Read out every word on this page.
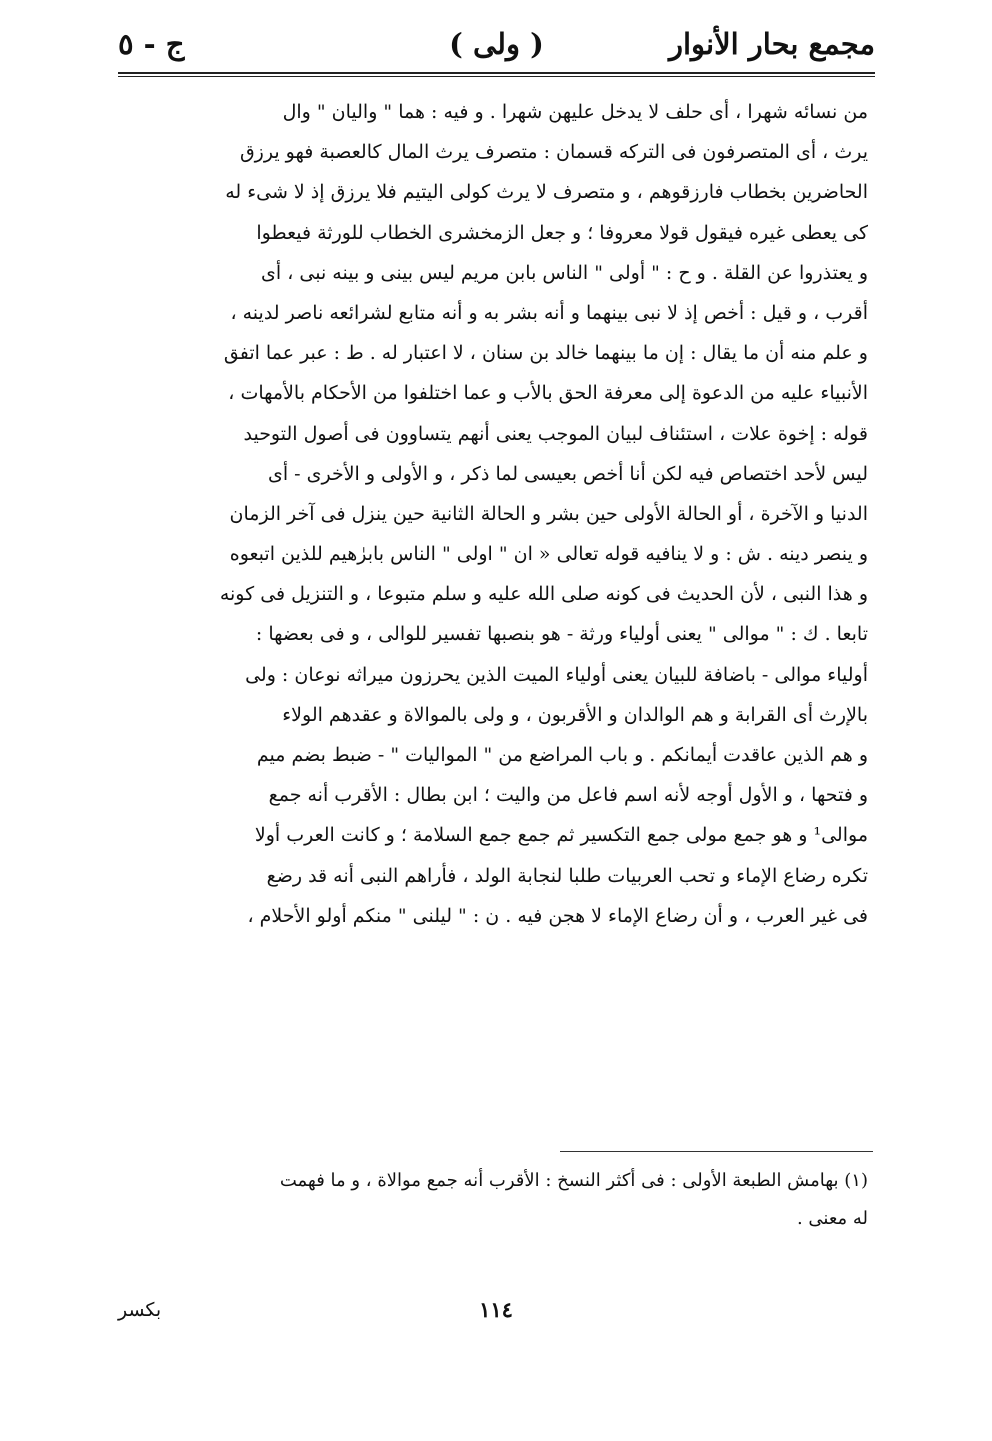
مجمع بحار الأنوار
( ولى )
ج - ٥
من نسائه شهرا ، أى حلف لا يدخل عليهن شهرا . و فيه : هما " واليان " وال
يرث ، أى المتصرفون فى التركه قسمان : متصرف يرث المال كالعصبة فهو يرزق
الحاضرين بخطاب فارزقوهم ، و متصرف لا يرث كولى اليتيم فلا يرزق إذ لا شىء له
كى يعطى غيره فيقول قولا معروفا ؛ و جعل الزمخشرى الخطاب للورثة فيعطوا
و يعتذروا عن القلة . و ح : " أولى " الناس بابن مريم ليس بينى و بينه نبى ، أى
أقرب ، و قيل : أخص إذ لا نبى بينهما و أنه بشر به و أنه متابع لشرائعه ناصر لدينه ،
و علم منه أن ما يقال : إن ما بينهما خالد بن سنان ، لا اعتبار له . ط : عبر عما اتفق
الأنبياء عليه من الدعوة إلى معرفة الحق بالأب و عما اختلفوا من الأحكام بالأمهات ،
قوله : إخوة علات ، استئناف لبيان الموجب يعنى أنهم يتساوون فى أصول التوحيد
ليس لأحد اختصاص فيه لكن أنا أخص بعيسى لما ذكر ، و الأولى و الأخرى - أى
الدنيا و الآخرة ، أو الحالة الأولى حين بشر و الحالة الثانية حين ينزل فى آخر الزمان
و ينصر دينه . ش : و لا ينافيه قوله تعالى « ان " اولى " الناس بابرٰهيم للذين اتبعوه
و هذا النبى ، لأن الحديث فى كونه صلى الله عليه و سلم متبوعا ، و التنزيل فى كونه
تابعا . ك : " موالى " يعنى أولياء ورثة - هو بنصبها تفسير للوالى ، و فى بعضها :
أولياء موالى - باضافة للبيان يعنى أولياء الميت الذين يحرزون ميراثه نوعان : ولى
بالإرث أى القرابة و هم الوالدان و الأقربون ، و ولى بالموالاة و عقدهم الولاء
و هم الذين عاقدت أيمانكم . و باب المراضع من " المواليات " - ضبط بضم ميم
و فتحها ، و الأول أوجه لأنه اسم فاعل من واليت ؛ ابن بطال : الأقرب أنه جمع
موالى¹ و هو جمع مولى جمع التكسير ثم جمع جمع السلامة ؛ و كانت العرب أولا
تكره رضاع الإماء و تحب العربيات طلبا لنجابة الولد ، فأراهم النبى أنه قد رضع
فى غير العرب ، و أن رضاع الإماء لا هجن فيه . ن : " ليلنى " منكم أولو الأحلام ،
(١) بهامش الطبعة الأولى : فى أكثر النسخ : الأقرب أنه جمع موالاة ، و ما فهمت
له معنى .
١١٤
بكسر
